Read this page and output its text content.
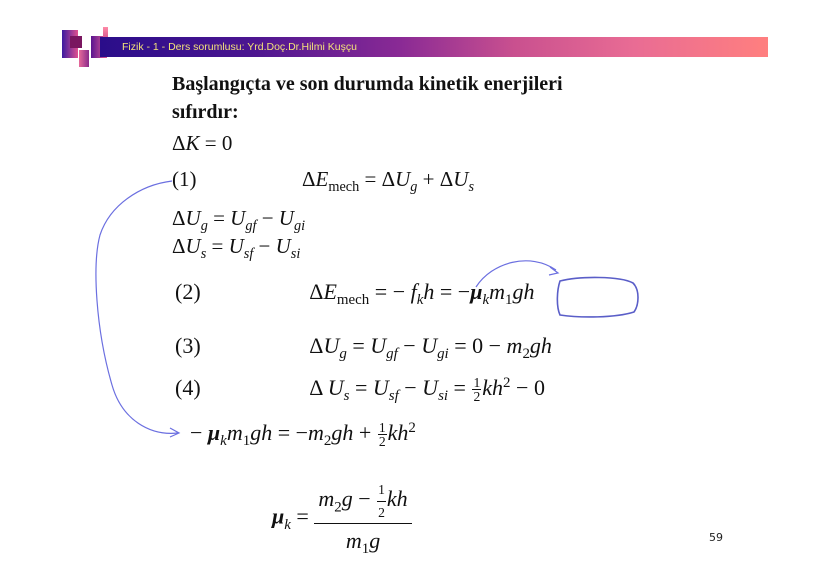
Fizik - 1 - Ders sorumlusu: Yrd.Doç.Dr.Hilmi Kuşçu
Başlangıçta ve son durumda kinetik enerjileri
sıfırdır:
ΔK = 0
(1)	$\Delta E_{mech} = \Delta U_g + \Delta U_s$
$\Delta U_g = U_{gf} - U_{gi}$
$\Delta U_s = U_{sf} - U_{si}$
(2)	$\Delta E_{mech}$ = − $f_kh = -\mu_km_1gh$
(3)	$\Delta U_g = U_{gf} - U_{gi} = 0 - m_2gh$
(4)	Δ $U_s = U_{sf} - U_{si} = \frac{1}{2} kh^2 - 0$
− $\mu_km_1gh = -m_2gh + \frac{1}{2} kh^2$
$\mu_k = \frac{m_2g - \frac{1}{2} kh}{m_1g}$	59
